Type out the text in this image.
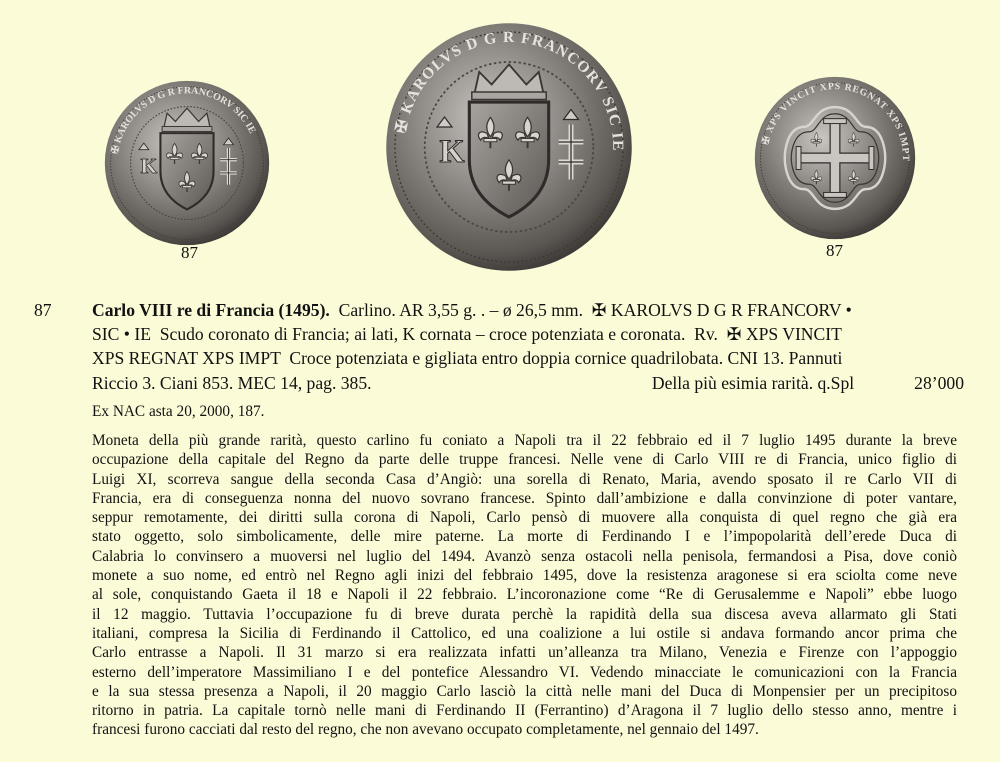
✠ KAROLVS D G R FRANCORV SIC IE	✠ KAROLVS D G R FRANCORV SIC IE	✠ XPS VINCIT XPS REGNAT XPS IMPT
87	87
87 Carlo VIII re di Francia (1495).  Carlino. AR 3,55 g. . – ø 26,5 mm.  ✠ KAROLVS D G R FRANCORV •
SIC • IE  Scudo coronato di Francia; ai lati, K cornata – croce potenziata e coronata.  Rv.  ✠ XPS VINCIT
XPS REGNAT XPS IMPT  Croce potenziata e gigliata entro doppia cornice quadrilobata. CNI 13. Pannuti
Riccio 3. Ciani 853. MEC 14, pag. 385.	Della più esimia rarità. q.Spl	28’000
Ex NAC asta 20, 2000, 187.
Moneta della più grande rarità, questo carlino fu coniato a Napoli tra il 22 febbraio ed il 7 luglio 1495 durante la breve
occupazione della capitale del Regno da parte delle truppe francesi. Nelle vene di Carlo VIII re di Francia, unico figlio di
Luigi XI, scorreva sangue della seconda Casa d’Angiò: una sorella di Renato, Maria, avendo sposato il re Carlo VII di
Francia, era di conseguenza nonna del nuovo sovrano francese. Spinto dall’ambizione e dalla convinzione di poter vantare,
seppur remotamente, dei diritti sulla corona di Napoli, Carlo pensò di muovere alla conquista di quel regno che già era
stato oggetto, solo simbolicamente, delle mire paterne. La morte di Ferdinando I e l’impopolarità dell’erede Duca di
Calabria lo convinsero a muoversi nel luglio del 1494. Avanzò senza ostacoli nella penisola, fermandosi a Pisa, dove coniò
monete a suo nome, ed entrò nel Regno agli inizi del febbraio 1495, dove la resistenza aragonese si era sciolta come neve
al sole, conquistando Gaeta il 18 e Napoli il 22 febbraio. L’incoronazione come “Re di Gerusalemme e Napoli” ebbe luogo
il 12 maggio. Tuttavia l’occupazione fu di breve durata perchè la rapidità della sua discesa aveva allarmato gli Stati
italiani, compresa la Sicilia di Ferdinando il Cattolico, ed una coalizione a lui ostile si andava formando ancor prima che
Carlo entrasse a Napoli. Il 31 marzo si era realizzata infatti un’alleanza tra Milano, Venezia e Firenze con l’appoggio
esterno dell’imperatore Massimiliano I e del pontefice Alessandro VI. Vedendo minacciate le comunicazioni con la Francia
e la sua stessa presenza a Napoli, il 20 maggio Carlo lasciò la città nelle mani del Duca di Monpensier per un precipitoso
ritorno in patria. La capitale tornò nelle mani di Ferdinando II (Ferrantino) d’Aragona il 7 luglio dello stesso anno, mentre i
francesi furono cacciati dal resto del regno, che non avevano occupato completamente, nel gennaio del 1497.
